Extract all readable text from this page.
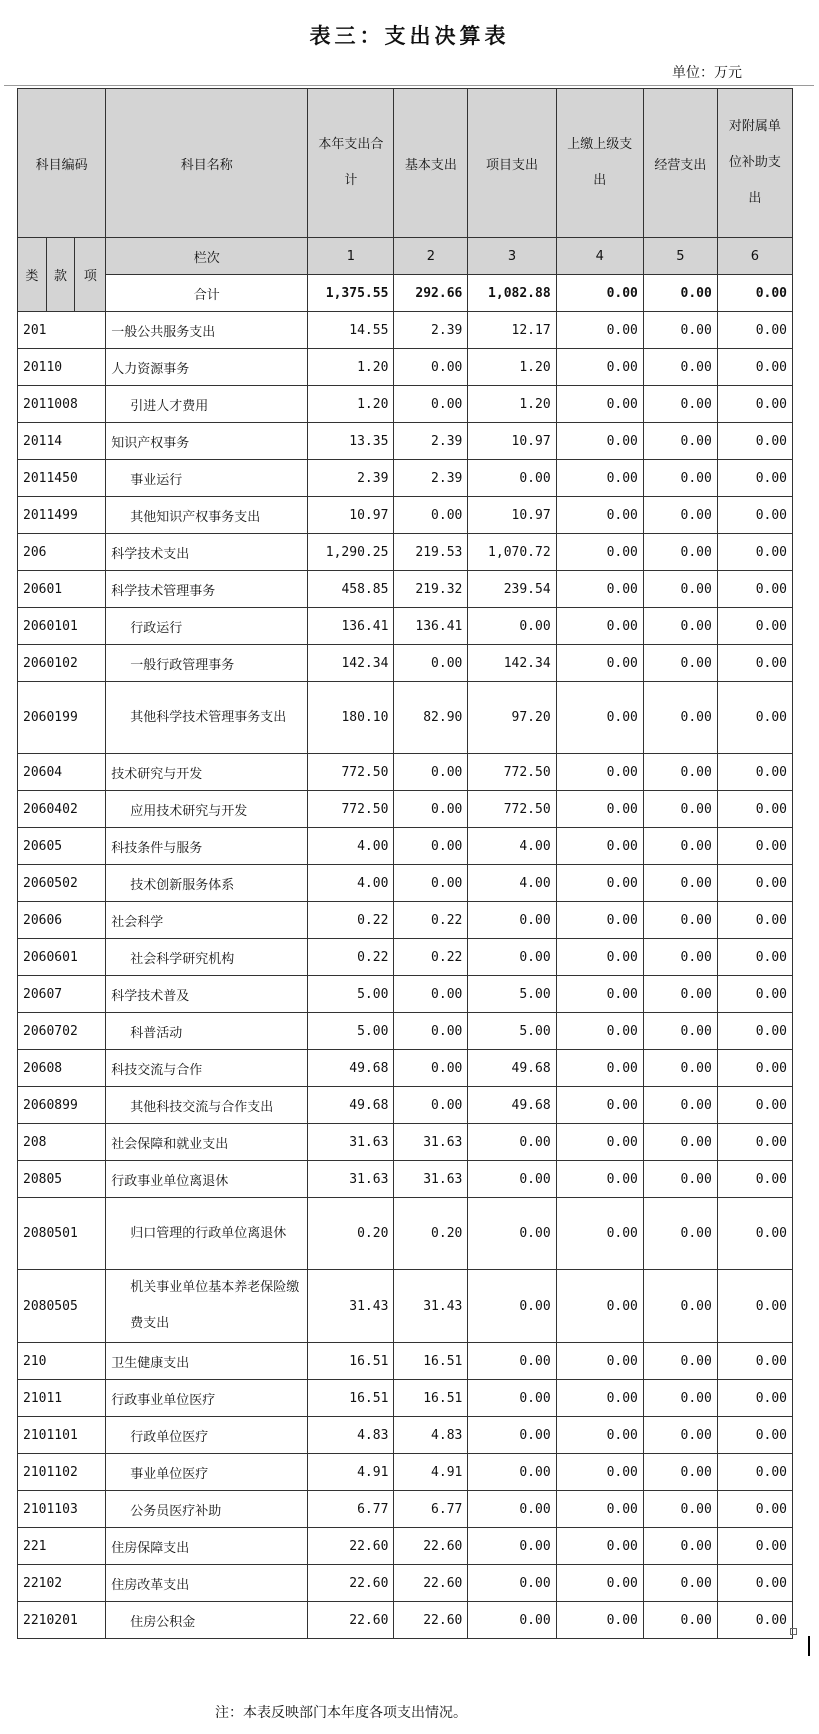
表三：支出决算表
单位：万元
科目编码			科目名称	本年支出合计	基本支出	项目支出	上缴上级支出	经营支出	对附属单位补助支出
类	款	项	栏次	1	2	3	4	5	6
			合计	1,375.55	292.66	1,082.88	0.00	0.00	0.00
201			一般公共服务支出	14.55	2.39	12.17	0.00	0.00	0.00
20110			人力资源事务	1.20	0.00	1.20	0.00	0.00	0.00
2011008			引进人才费用	1.20	0.00	1.20	0.00	0.00	0.00
20114			知识产权事务	13.35	2.39	10.97	0.00	0.00	0.00
2011450			事业运行	2.39	2.39	0.00	0.00	0.00	0.00
2011499			其他知识产权事务支出	10.97	0.00	10.97	0.00	0.00	0.00
206			科学技术支出	1,290.25	219.53	1,070.72	0.00	0.00	0.00
20601			科学技术管理事务	458.85	219.32	239.54	0.00	0.00	0.00
2060101			行政运行	136.41	136.41	0.00	0.00	0.00	0.00
2060102			一般行政管理事务	142.34	0.00	142.34	0.00	0.00	0.00
2060199			其他科学技术管理事务支出	180.10	82.90	97.20	0.00	0.00	0.00
20604			技术研究与开发	772.50	0.00	772.50	0.00	0.00	0.00
2060402			应用技术研究与开发	772.50	0.00	772.50	0.00	0.00	0.00
20605			科技条件与服务	4.00	0.00	4.00	0.00	0.00	0.00
2060502			技术创新服务体系	4.00	0.00	4.00	0.00	0.00	0.00
20606			社会科学	0.22	0.22	0.00	0.00	0.00	0.00
2060601			社会科学研究机构	0.22	0.22	0.00	0.00	0.00	0.00
20607			科学技术普及	5.00	0.00	5.00	0.00	0.00	0.00
2060702			科普活动	5.00	0.00	5.00	0.00	0.00	0.00
20608			科技交流与合作	49.68	0.00	49.68	0.00	0.00	0.00
2060899			其他科技交流与合作支出	49.68	0.00	49.68	0.00	0.00	0.00
208			社会保障和就业支出	31.63	31.63	0.00	0.00	0.00	0.00
20805			行政事业单位离退休	31.63	31.63	0.00	0.00	0.00	0.00
2080501			归口管理的行政单位离退休	0.20	0.20	0.00	0.00	0.00	0.00
2080505			机关事业单位基本养老保险缴费支出	31.43	31.43	0.00	0.00	0.00	0.00
210			卫生健康支出	16.51	16.51	0.00	0.00	0.00	0.00
21011			行政事业单位医疗	16.51	16.51	0.00	0.00	0.00	0.00
2101101			行政单位医疗	4.83	4.83	0.00	0.00	0.00	0.00
2101102			事业单位医疗	4.91	4.91	0.00	0.00	0.00	0.00
2101103			公务员医疗补助	6.77	6.77	0.00	0.00	0.00	0.00
221			住房保障支出	22.60	22.60	0.00	0.00	0.00	0.00
22102			住房改革支出	22.60	22.60	0.00	0.00	0.00	0.00
2210201			住房公积金	22.60	22.60	0.00	0.00	0.00	0.00
注：本表反映部门本年度各项支出情况。
